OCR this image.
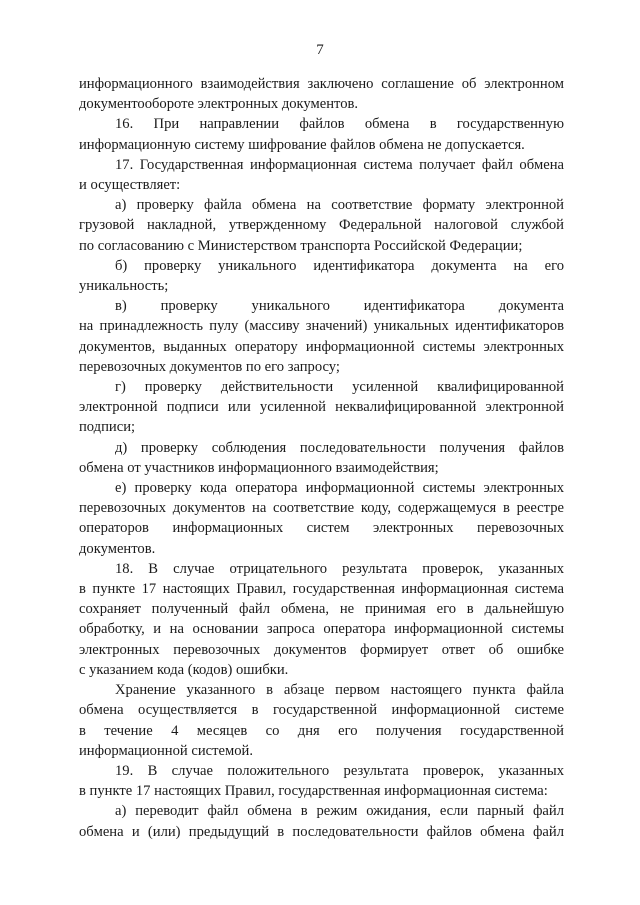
7
информационного взаимодействия заключено соглашение об электронном
документообороте электронных документов.
16. При направлении файлов обмена в государственную
информационную систему шифрование файлов обмена не допускается.
17. Государственная информационная система получает файл обмена
и осуществляет:
а) проверку файла обмена на соответствие формату электронной
грузовой накладной, утвержденному Федеральной налоговой службой
по согласованию с Министерством транспорта Российской Федерации;
б) проверку уникального идентификатора документа на его
уникальность;
в) проверку уникального идентификатора документа
на принадлежность пулу (массиву значений) уникальных идентификаторов
документов, выданных оператору информационной системы электронных
перевозочных документов по его запросу;
г) проверку действительности усиленной квалифицированной
электронной подписи или усиленной неквалифицированной электронной
подписи;
д) проверку соблюдения последовательности получения файлов
обмена от участников информационного взаимодействия;
е) проверку кода оператора информационной системы электронных
перевозочных документов на соответствие коду, содержащемуся в реестре
операторов информационных систем электронных перевозочных
документов.
18. В случае отрицательного результата проверок, указанных
в пункте 17 настоящих Правил, государственная информационная система
сохраняет полученный файл обмена, не принимая его в дальнейшую
обработку, и на основании запроса оператора информационной системы
электронных перевозочных документов формирует ответ об ошибке
с указанием кода (кодов) ошибки.
Хранение указанного в абзаце первом настоящего пункта файла
обмена осуществляется в государственной информационной системе
в течение 4 месяцев со дня его получения государственной
информационной системой.
19. В случае положительного результата проверок, указанных
в пункте 17 настоящих Правил, государственная информационная система:
а) переводит файл обмена в режим ожидания, если парный файл
обмена и (или) предыдущий в последовательности файлов обмена файл
